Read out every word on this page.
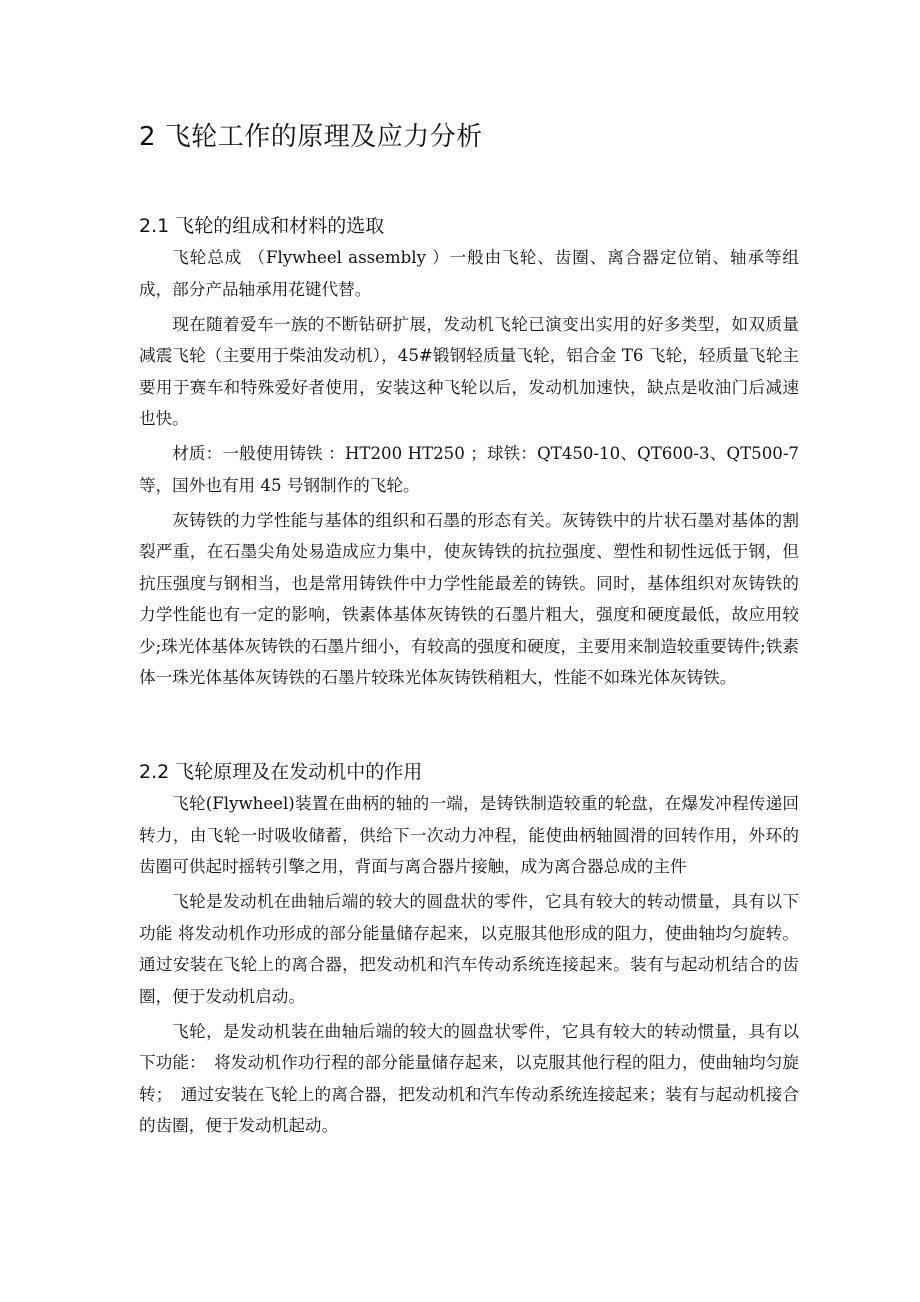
2 飞轮工作的原理及应力分析
2.1 飞轮的组成和材料的选取

飞轮总成 （Flywheel assembly ）一般由飞轮、齿圈、离合器定位销、轴承等组成，部分产品轴承用花键代替。

现在随着爱车一族的不断钻研扩展，发动机飞轮已演变出实用的好多类型，如双质量减震飞轮（主要用于柴油发动机），45#锻钢轻质量飞轮，铝合金 T6 飞轮，轻质量飞轮主要用于赛车和特殊爱好者使用，安装这种飞轮以后，发动机加速快，缺点是收油门后减速也快。

材质：一般使用铸铁 ：HT200 HT250 ；球铁：QT450-10、QT600-3、QT500-7等，国外也有用 45 号钢制作的飞轮。

灰铸铁的力学性能与基体的组织和石墨的形态有关。灰铸铁中的片状石墨对基体的割裂严重，在石墨尖角处易造成应力集中，使灰铸铁的抗拉强度、塑性和韧性远低于钢，但抗压强度与钢相当，也是常用铸铁件中力学性能最差的铸铁。同时，基体组织对灰铸铁的力学性能也有一定的影响，铁素体基体灰铸铁的石墨片粗大，强度和硬度最低，故应用较少;珠光体基体灰铸铁的石墨片细小，有较高的强度和硬度，主要用来制造较重要铸件;铁素体一珠光体基体灰铸铁的石墨片较珠光体灰铸铁稍粗大，性能不如珠光体灰铸铁。

2.2 飞轮原理及在发动机中的作用

飞轮(Flywheel)装置在曲柄的轴的一端，是铸铁制造较重的轮盘，在爆发冲程传递回转力，由飞轮一时吸收储蓄，供给下一次动力冲程，能使曲柄轴圆滑的回转作用，外环的齿圈可供起时摇转引擎之用，背面与离合器片接触，成为离合器总成的主件

飞轮是发动机在曲轴后端的较大的圆盘状的零件，它具有较大的转动惯量，具有以下功能 将发动机作功形成的部分能量储存起来，以克服其他形成的阻力，使曲轴均匀旋转。通过安装在飞轮上的离合器，把发动机和汽车传动系统连接起来。装有与起动机结合的齿圈，便于发动机启动。

飞轮，是发动机装在曲轴后端的较大的圆盘状零件，它具有较大的转动惯量，具有以下功能：　将发动机作功行程的部分能量储存起来，以克服其他行程的阻力，使曲轴均匀旋转；　通过安装在飞轮上的离合器，把发动机和汽车传动系统连接起来；装有与起动机接合的齿圈，便于发动机起动。
